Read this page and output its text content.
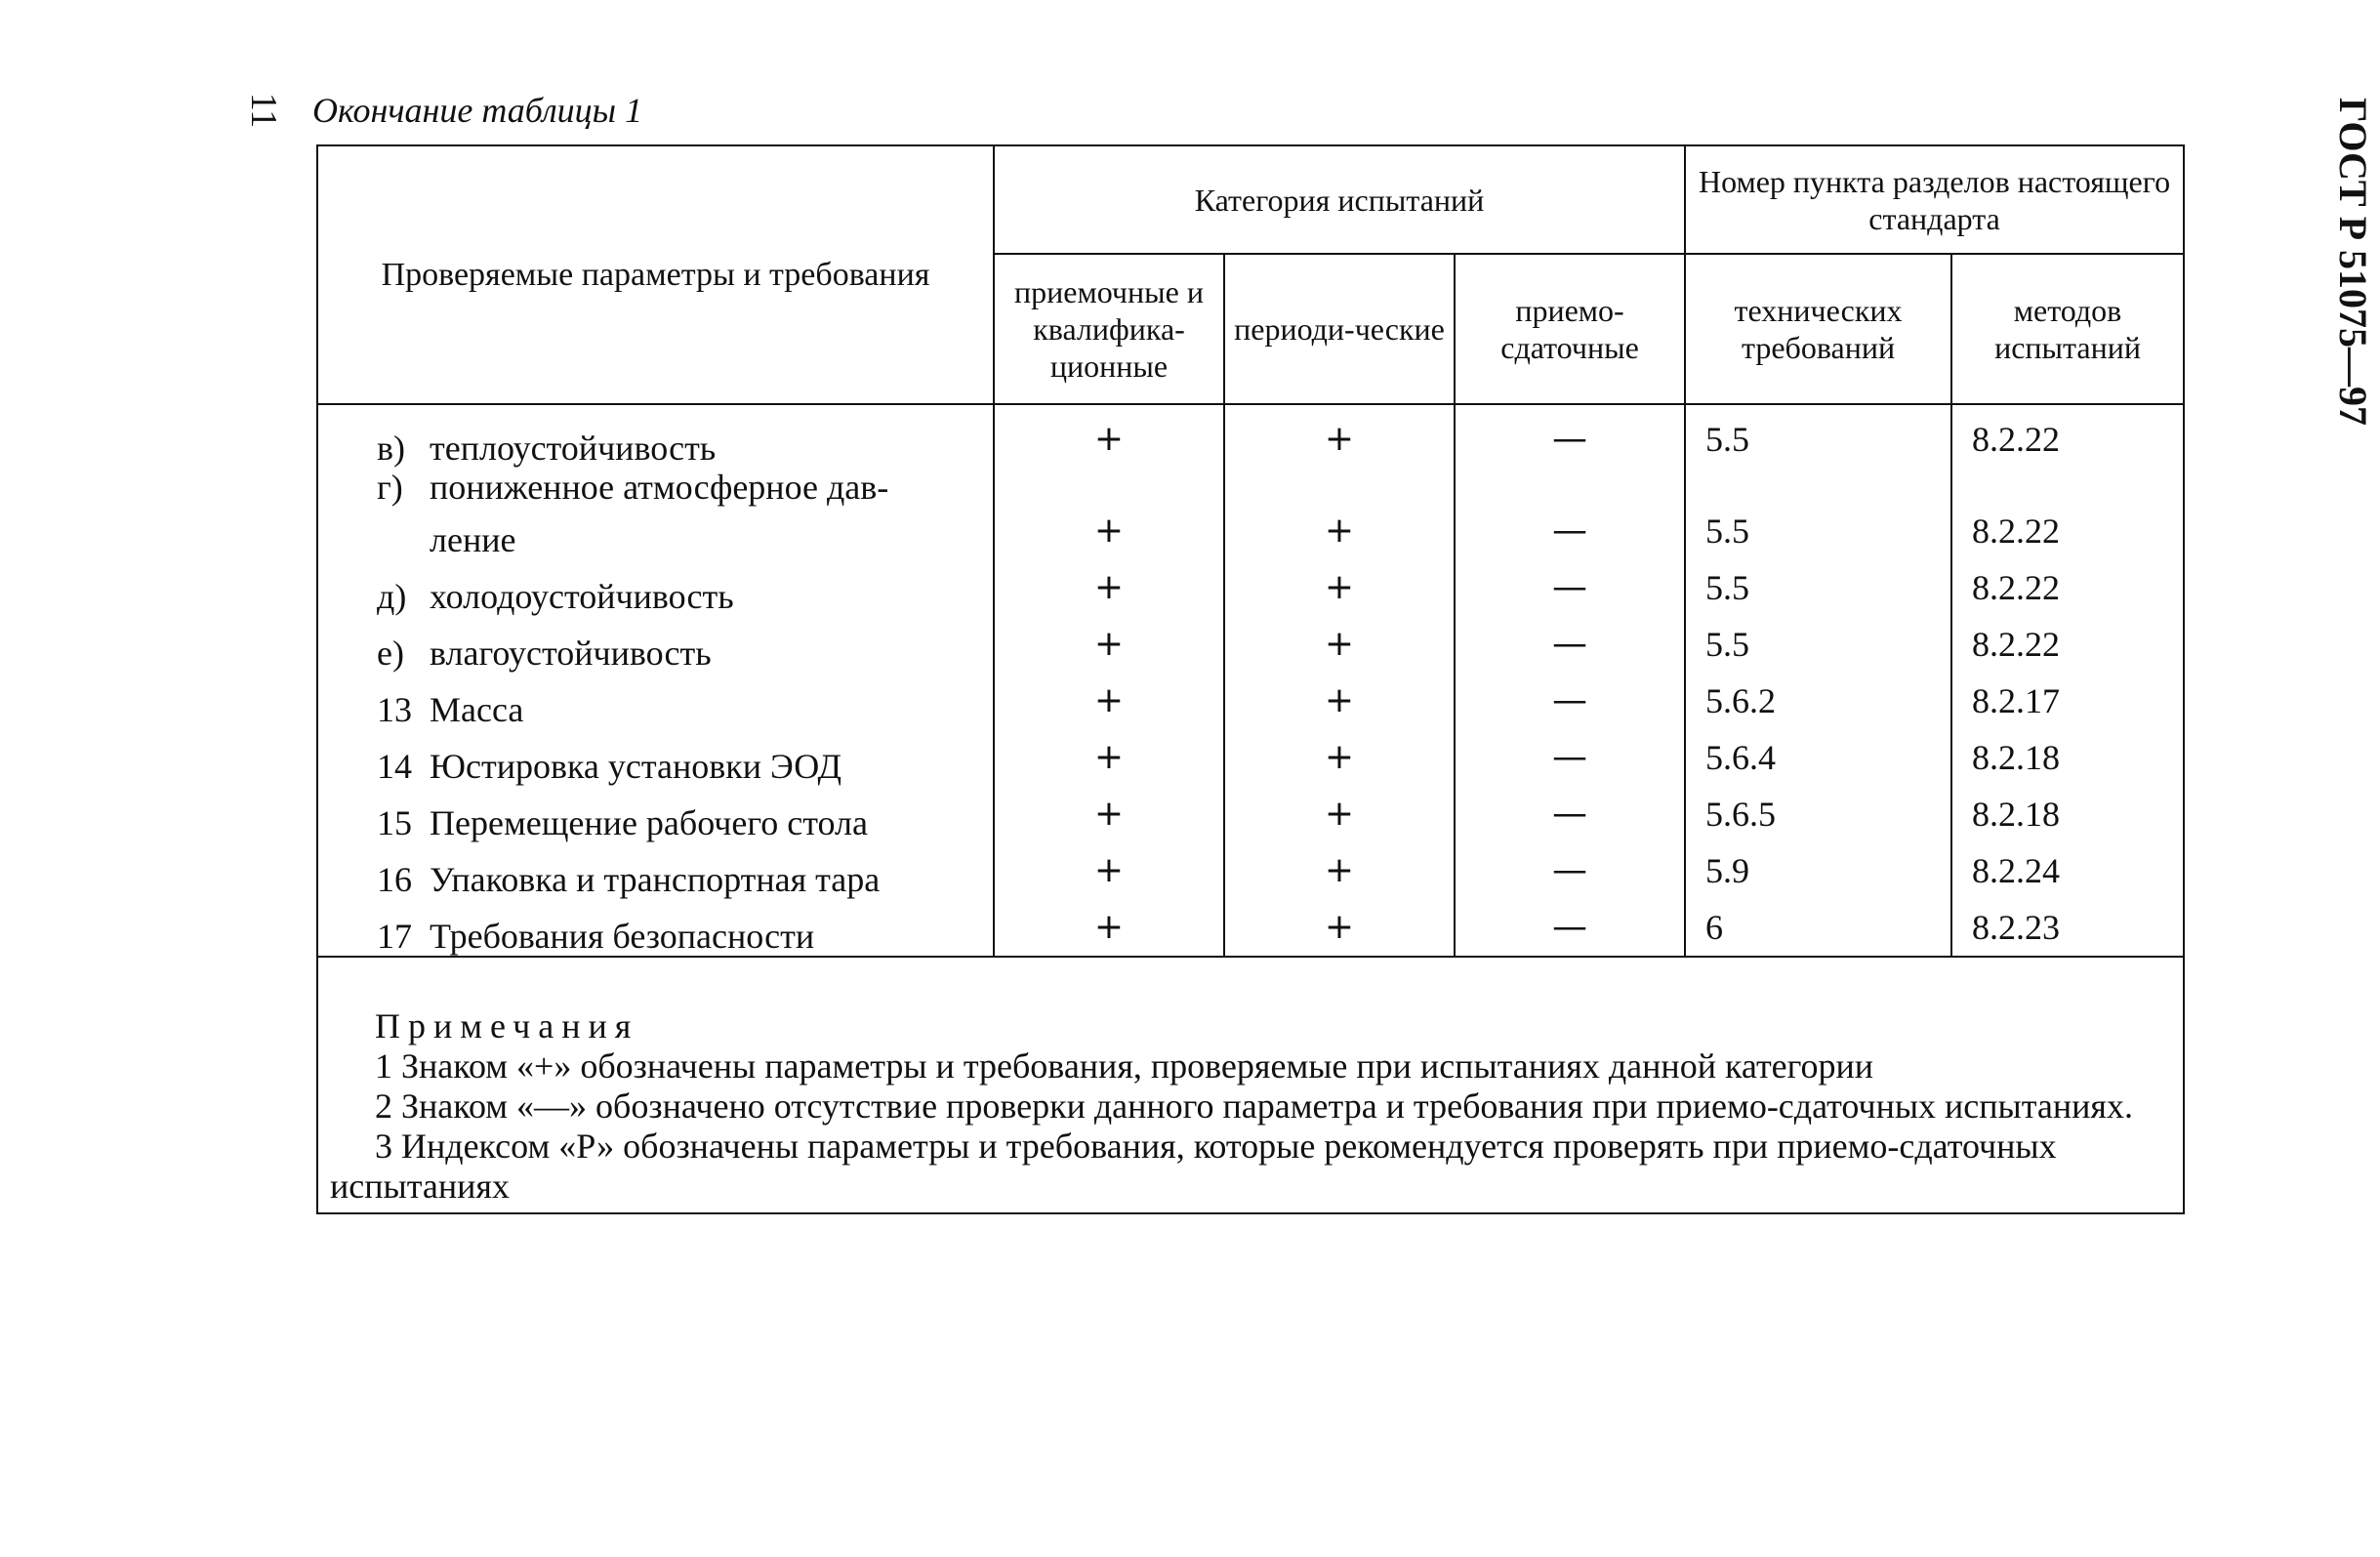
11 Окончание таблицы 1	ГОСТ Р 51075—97
Проверяемые параметры и требования	Категория испытаний			Номер пункта разделов настоящего стандарта	
	приемочные и квалифика-ционные	периоди-ческие	приемо-сдаточные	технических требований	методов испытаний
в) теплоустойчивость	+	+	—	5.5	8.2.22
г) пониженное атмосферное дав-
ление	+	+	—	5.5	8.2.22
д) холодоустойчивость	+	+	—	5.5	8.2.22
е) влагоустойчивость	+	+	—	5.5	8.2.22
13 Масса	+	+	—	5.6.2	8.2.17
14 Юстировка установки ЭОД	+	+	—	5.6.4	8.2.18
15 Перемещение рабочего стола	+	+	—	5.6.5	8.2.18
16 Упаковка и транспортная тара	+	+	—	5.9	8.2.24
17 Требования безопасности	+	+	—	6	8.2.23

Примечания
1 Знаком «+» обозначены параметры и требования, проверяемые при испытаниях данной категории
2 Знаком «—» обозначено отсутствие проверки данного параметра и требования при приемо-сдаточных испытаниях.
3 Индексом «Р» обозначены параметры и требования, которые рекомендуется проверять при приемо-сдаточных испытаниях					
